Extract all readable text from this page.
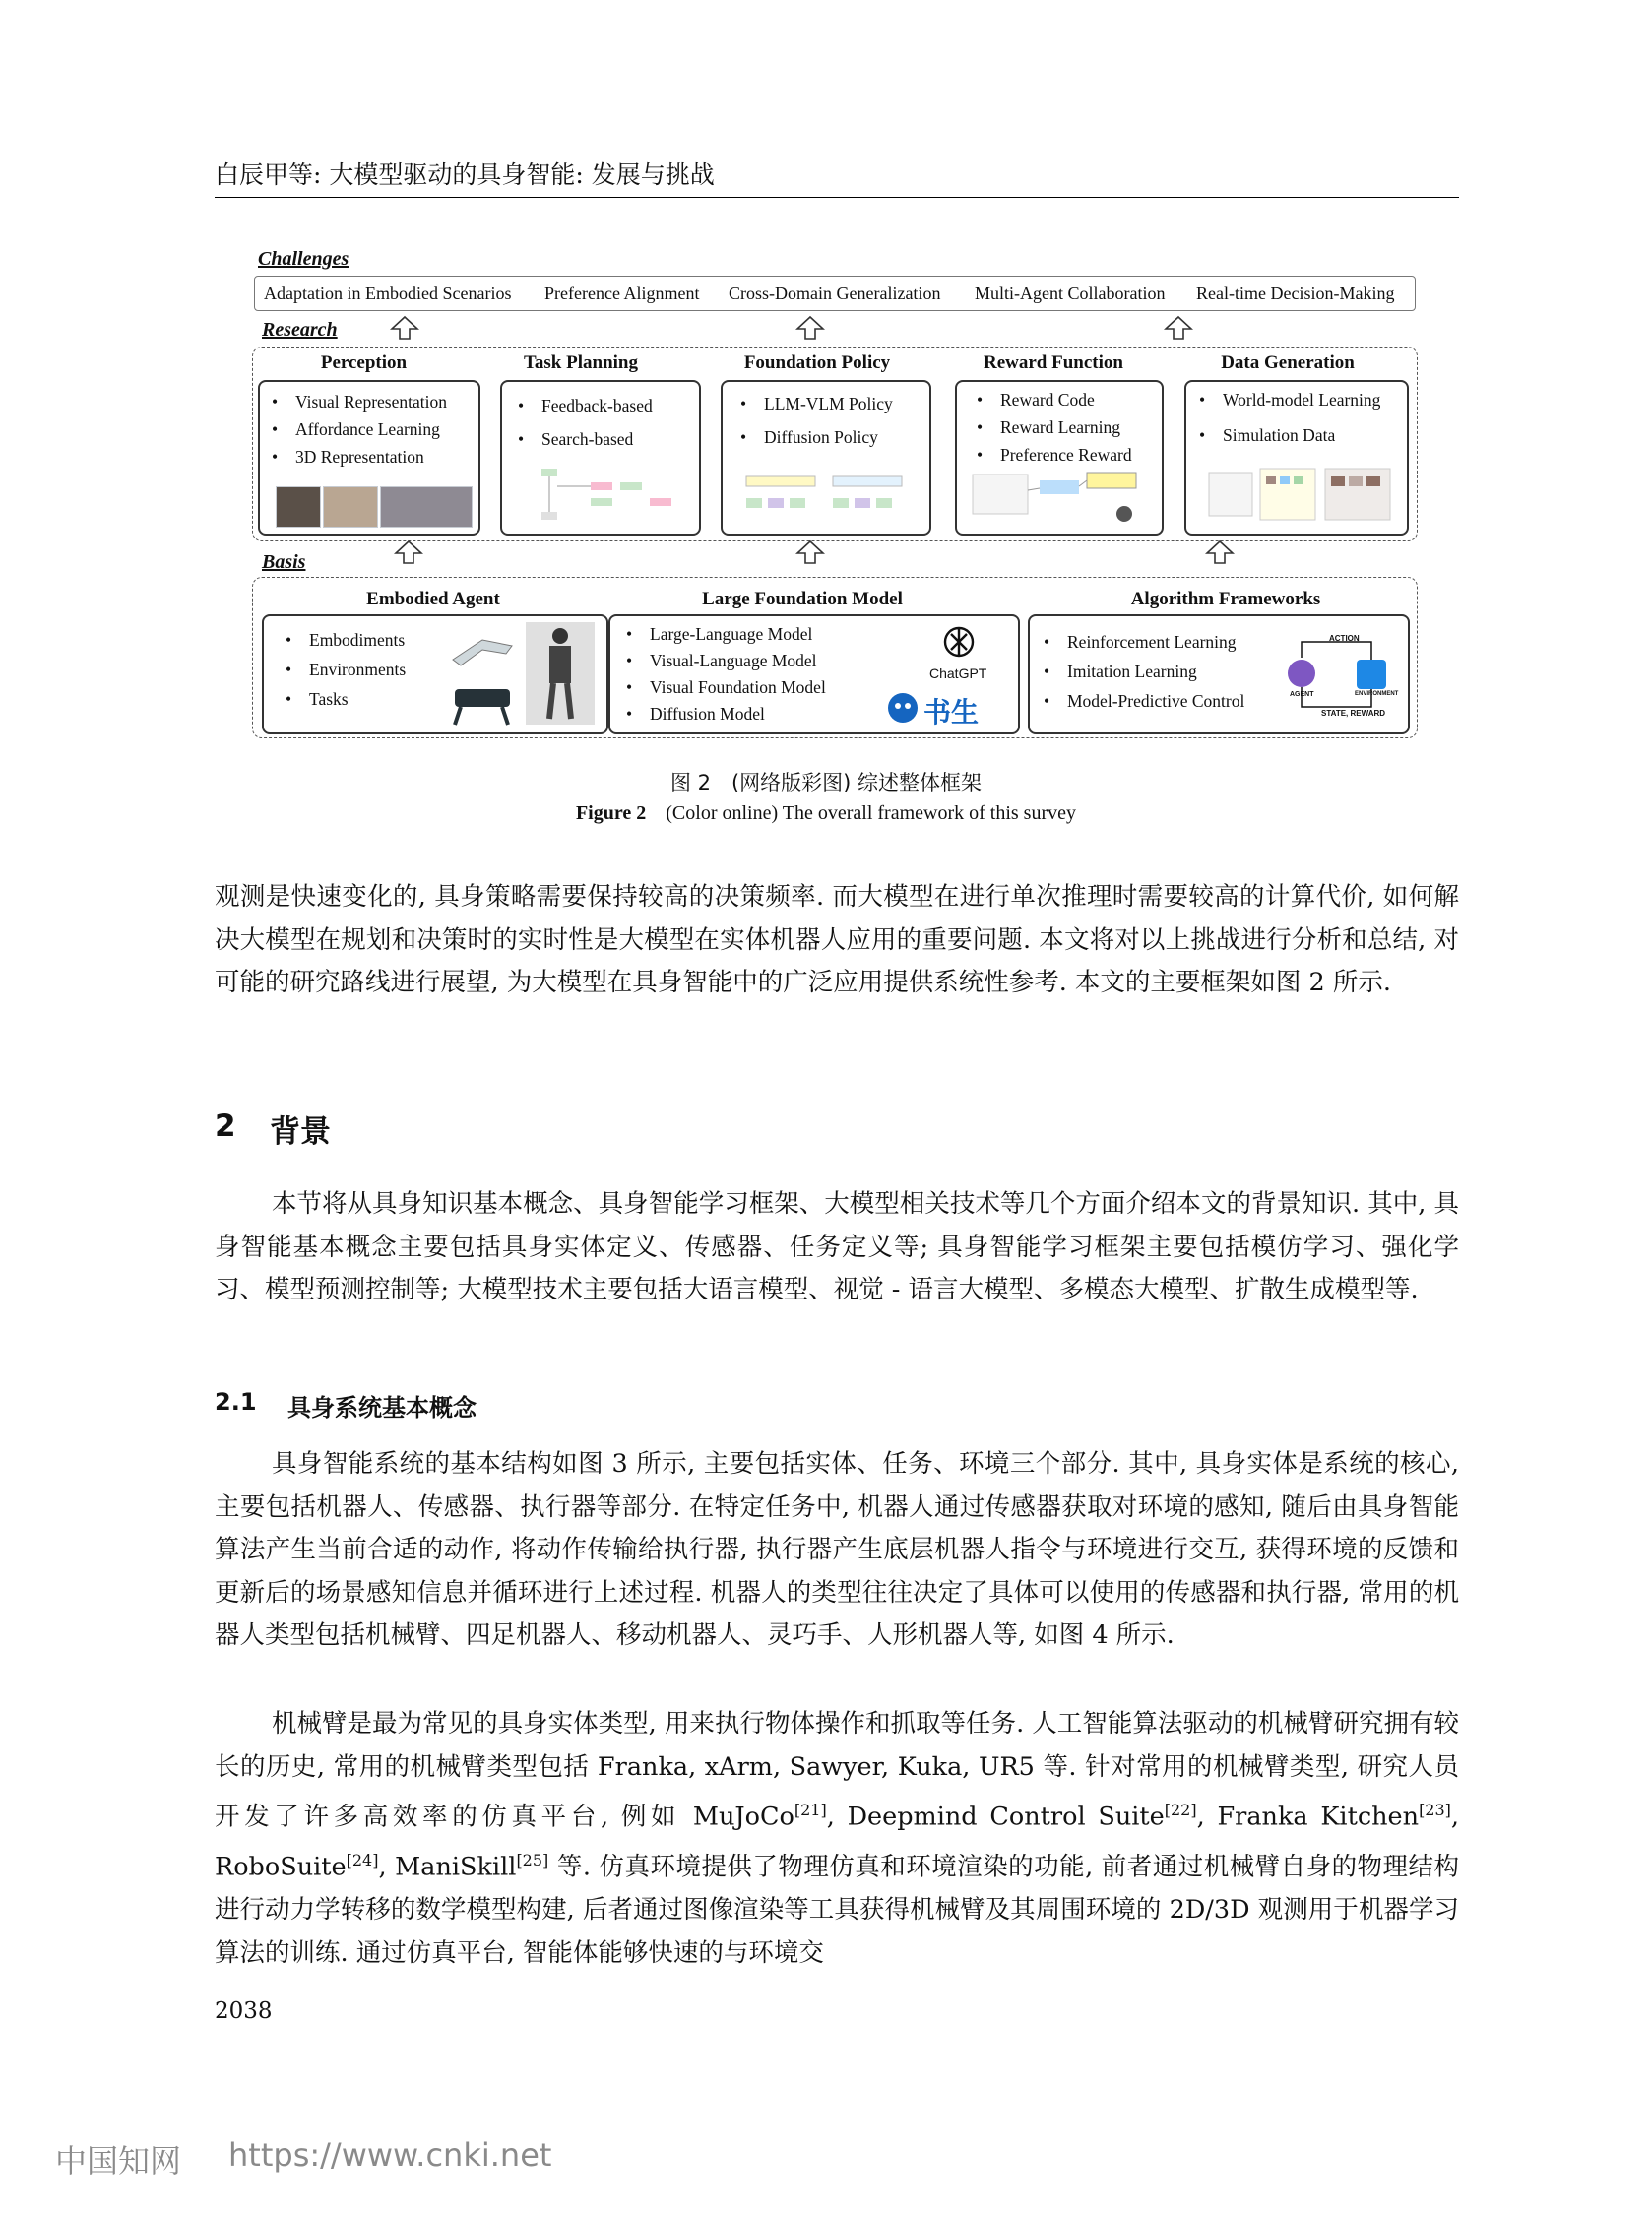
白辰甲等: 大模型驱动的具身智能: 发展与挑战
Challenges
Adaptation in Embodied Scenarios Preference Alignment Cross-Domain Generalization Multi-Agent Collaboration Real-time Decision-Making
Research
Perception
• Visual Representation
• Affordance Learning
• 3D Representation
Task Planning
• Feedback-based
• Search-based
Foundation Policy
• LLM-VLM Policy
• Diffusion Policy
Reward Function
• Reward Code
• Reward Learning
• Preference Reward
Data Generation
• World-model Learning
• Simulation Data
Basis
Embodied Agent
• Embodiments
• Environments
• Tasks
Large Foundation Model
• Large-Language Model
• Visual-Language Model
• Visual Foundation Model
• Diffusion Model
ChatGPT
书生
Algorithm Frameworks
• Reinforcement Learning
• Imitation Learning
• Model-Predictive Control
ACTION
AGENT	ENVIRONMENT
STATE, REWARD
图 2　(网络版彩图) 综述整体框架
Figure 2 (Color online) The overall framework of this survey
观测是快速变化的, 具身策略需要保持较高的决策频率. 而大模型在进行单次推理时需要较高的计算代价, 如何解决大模型在规划和决策时的实时性是大模型在实体机器人应用的重要问题. 本文将对以上挑战进行分析和总结, 对可能的研究路线进行展望, 为大模型在具身智能中的广泛应用提供系统性参考. 本文的主要框架如图 2 所示.
2 背景
本节将从具身知识基本概念、具身智能学习框架、大模型相关技术等几个方面介绍本文的背景知识. 其中, 具身智能基本概念主要包括具身实体定义、传感器、任务定义等; 具身智能学习框架主要包括模仿学习、强化学习、模型预测控制等; 大模型技术主要包括大语言模型、视觉 - 语言大模型、多模态大模型、扩散生成模型等.
2.1 具身系统基本概念
具身智能系统的基本结构如图 3 所示, 主要包括实体、任务、环境三个部分. 其中, 具身实体是系统的核心, 主要包括机器人、传感器、执行器等部分. 在特定任务中, 机器人通过传感器获取对环境的感知, 随后由具身智能算法产生当前合适的动作, 将动作传输给执行器, 执行器产生底层机器人指令与环境进行交互, 获得环境的反馈和更新后的场景感知信息并循环进行上述过程. 机器人的类型往往决定了具体可以使用的传感器和执行器, 常用的机器人类型包括机械臂、四足机器人、移动机器人、灵巧手、人形机器人等, 如图 4 所示.
机械臂是最为常见的具身实体类型, 用来执行物体操作和抓取等任务. 人工智能算法驱动的机械臂研究拥有较长的历史, 常用的机械臂类型包括 Franka, xArm, Sawyer, Kuka, UR5 等. 针对常用的机械臂类型, 研究人员开发了许多高效率的仿真平台, 例如 MuJoCo[21], Deepmind Control Suite[22], Franka Kitchen[23], RoboSuite[24], ManiSkill[25] 等. 仿真环境提供了物理仿真和环境渲染的功能, 前者通过机械臂自身的物理结构进行动力学转移的数学模型构建, 后者通过图像渲染等工具获得机械臂及其周围环境的 2D/3D 观测用于机器学习算法的训练. 通过仿真平台, 智能体能够快速的与环境交
2038
中国知网 https://www.cnki.net
